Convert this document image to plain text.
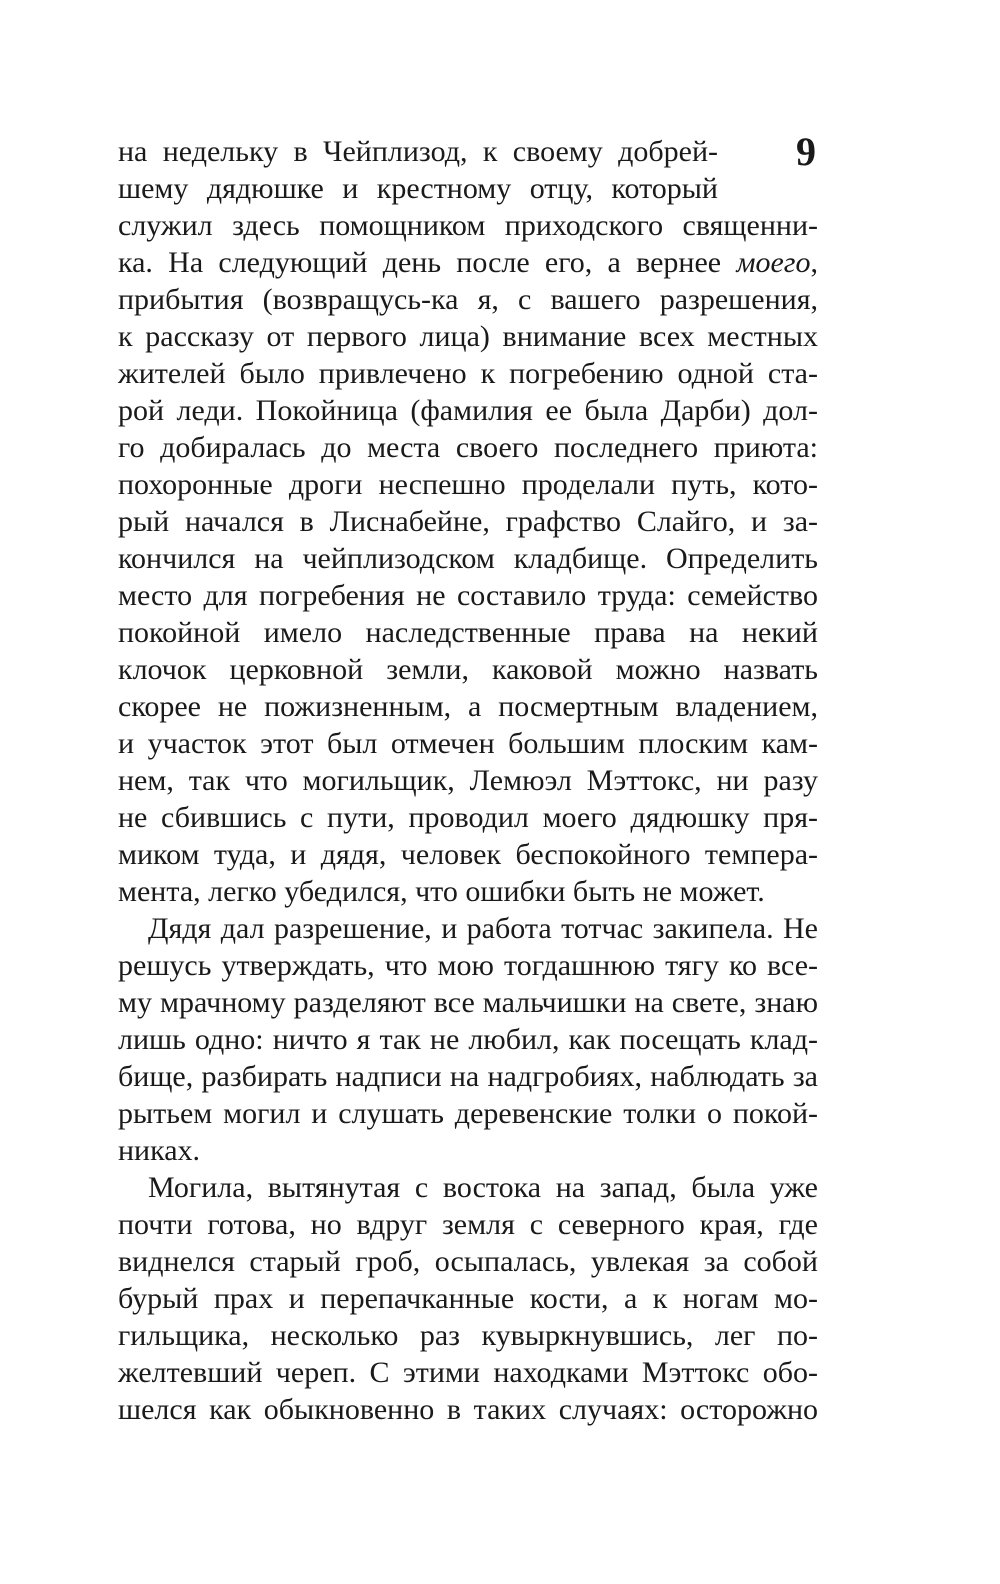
9
на недельку в Чейплизод, к своему добрей-
шему дядюшке и крестному отцу, который
служил здесь помощником приходского священни-
ка. На следующий день после его, а вернее моего,
прибытия (возвращусь-ка я, с вашего разрешения,
к рассказу от первого лица) внимание всех местных
жителей было привлечено к погребению одной ста-
рой леди. Покойница (фамилия ее была Дарби) дол-
го добиралась до места своего последнего приюта:
похоронные дроги неспешно проделали путь, кото-
рый начался в Лиснабейне, графство Слайго, и за-
кончился на чейплизодском кладбище. Определить
место для погребения не составило труда: семейство
покойной имело наследственные права на некий
клочок церковной земли, каковой можно назвать
скорее не пожизненным, а посмертным владением,
и участок этот был отмечен большим плоским кам-
нем, так что могильщик, Лемюэл Мэттокс, ни разу
не сбившись с пути, проводил моего дядюшку пря-
миком туда, и дядя, человек беспокойного темпера-
мента, легко убедился, что ошибки быть не может.
Дядя дал разрешение, и работа тотчас закипела. Не
решусь утверждать, что мою тогдашнюю тягу ко все-
му мрачному разделяют все мальчишки на свете, знаю
лишь одно: ничто я так не любил, как посещать клад-
бище, разбирать надписи на надгробиях, наблюдать за
рытьем могил и слушать деревенские толки о покой-
никах.
Могила, вытянутая с востока на запад, была уже
почти готова, но вдруг земля с северного края, где
виднелся старый гроб, осыпалась, увлекая за собой
бурый прах и перепачканные кости, а к ногам мо-
гильщика, несколько раз кувыркнувшись, лег по-
желтевший череп. С этими находками Мэттокс обо-
шелся как обыкновенно в таких случаях: осторожно
